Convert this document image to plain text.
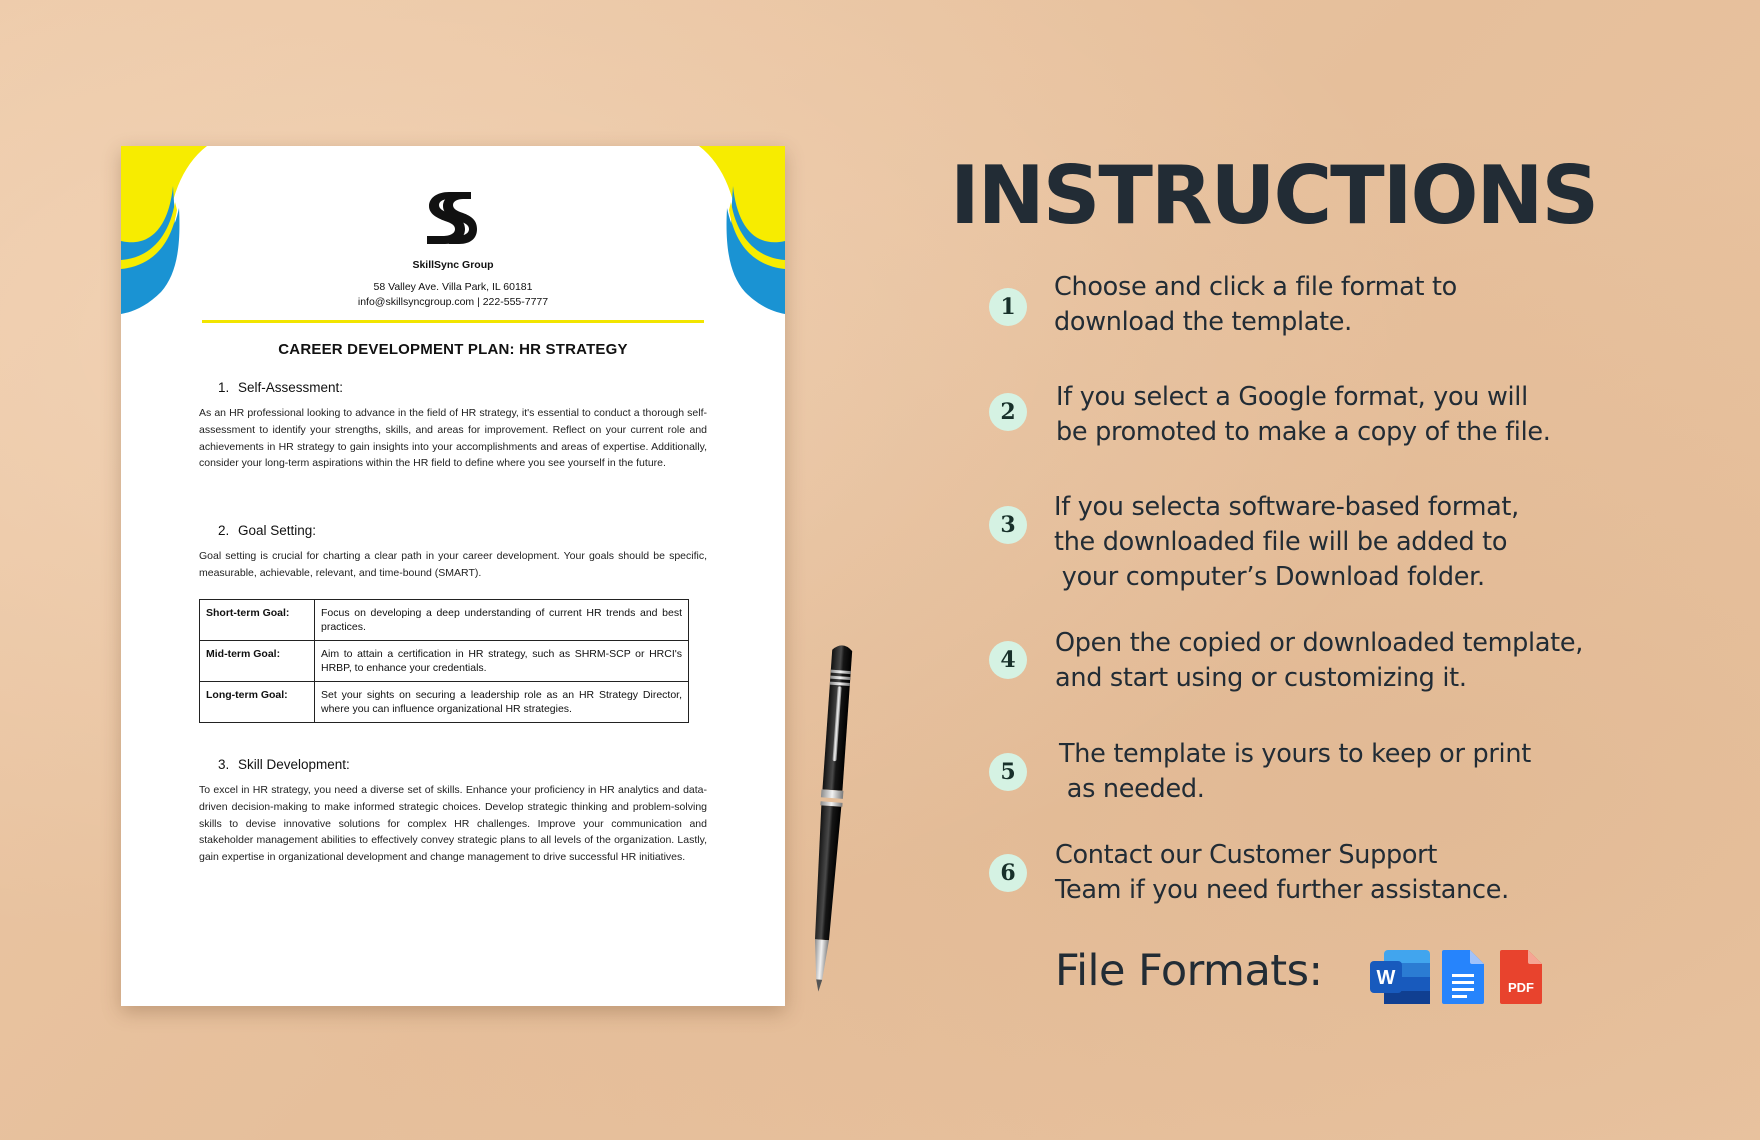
SkillSync Group
58 Valley Ave. Villa Park, IL 60181
info@skillsyncgroup.com | 222-555-7777
CAREER DEVELOPMENT PLAN: HR STRATEGY
1. Self-Assessment:
As an HR professional looking to advance in the field of HR strategy, it's essential to conduct a thorough self-assessment to identify your strengths, skills, and areas for improvement. Reflect on your current role and achievements in HR strategy to gain insights into your accomplishments and areas of expertise. Additionally, consider your long-term aspirations within the HR field to define where you see yourself in the future.
2. Goal Setting:
Goal setting is crucial for charting a clear path in your career development. Your goals should be specific, measurable, achievable, relevant, and time-bound (SMART).
Short-term Goal:	Focus on developing a deep understanding of current HR trends and best practices.
Mid-term Goal:	Aim to attain a certification in HR strategy, such as SHRM-SCP or HRCI's HRBP, to enhance your credentials.
Long-term Goal:	Set your sights on securing a leadership role as an HR Strategy Director, where you can influence organizational HR strategies.
3. Skill Development:
To excel in HR strategy, you need a diverse set of skills. Enhance your proficiency in HR analytics and data-driven decision-making to make informed strategic choices. Develop strategic thinking and problem-solving skills to devise innovative solutions for complex HR challenges. Improve your communication and stakeholder management abilities to effectively convey strategic plans to all levels of the organization. Lastly, gain expertise in organizational development and change management to drive successful HR initiatives.
INSTRUCTIONS
1
Choose and click a file format to
download the template.
2	If you select a Google format, you will
be promoted to make a copy of the file.
3
If you selecta software-based format,
the downloaded file will be added to
your computer’s Download folder.
4
Open the copied or downloaded template,
and start using or customizing it.
5
The template is yours to keep or print
as needed.
6
Contact our Customer Support
Team if you need further assistance.
File Formats:	W	PDF
